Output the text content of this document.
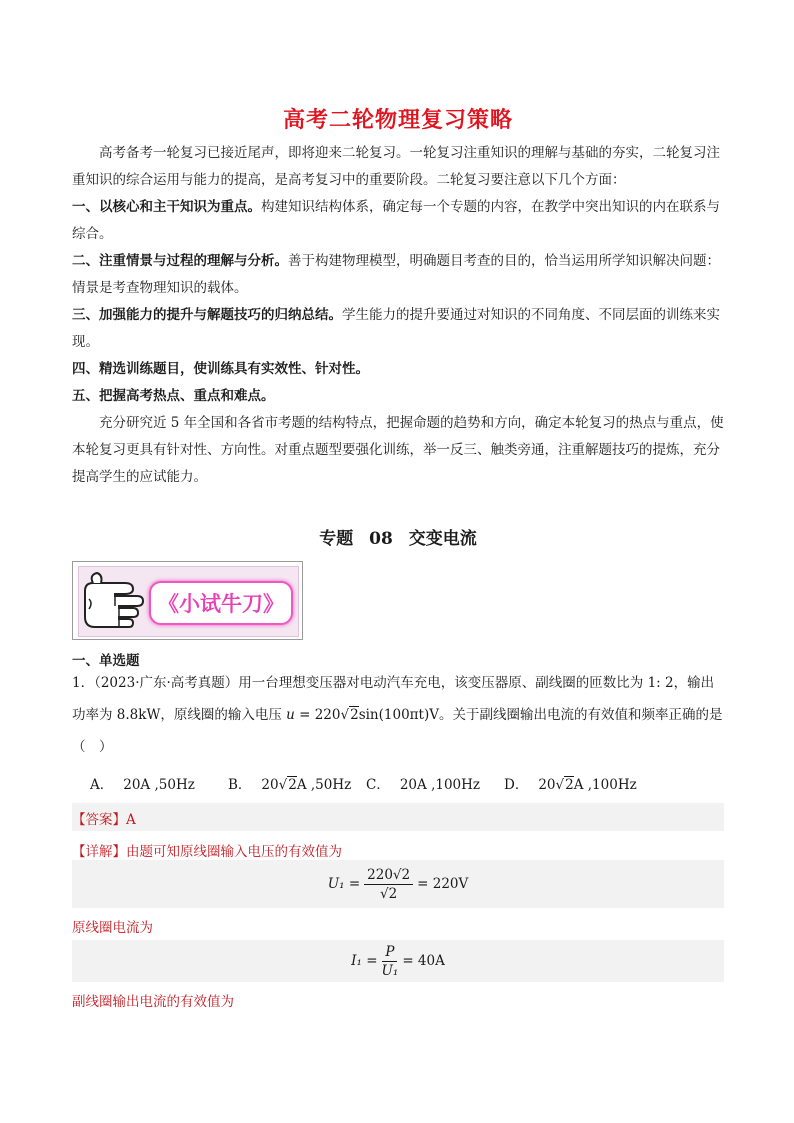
高考二轮物理复习策略

高考备考一轮复习已接近尾声，即将迎来二轮复习。一轮复习注重知识的理解与基础的夯实，二轮复习注重知识的综合运用与能力的提高，是高考复习中的重要阶段。二轮复习要注意以下几个方面：

一、以核心和主干知识为重点。构建知识结构体系，确定每一个专题的内容，在教学中突出知识的内在联系与综合。

二、注重情景与过程的理解与分析。善于构建物理模型，明确题目考查的目的，恰当运用所学知识解决问题：情景是考查物理知识的载体。

三、加强能力的提升与解题技巧的归纳总结。学生能力的提升要通过对知识的不同角度、不同层面的训练来实现。

四、精选训练题目，使训练具有实效性、针对性。

五、把握高考热点、重点和难点。

充分研究近 5 年全国和各省市考题的结构特点，把握命题的趋势和方向，确定本轮复习的热点与重点，使本轮复习更具有针对性、方向性。对重点题型要强化训练，举一反三、触类旁通，注重解题技巧的提炼，充分提高学生的应试能力。

专题 08 交变电流
《小试牛刀》
一、单选题

1．（2023·广东·高考真题）用一台理想变压器对电动汽车充电，该变压器原、副线圈的匝数比为 1: 2，输出

功率为 8.8kW，原线圈的输入电压 u = 220√2sin(100πt)V。关于副线圈输出电流的有效值和频率正确的是

（　）

A． 20A ,50Hz	B． 20√2A ,50Hz	C． 20A ,100Hz	D． 20√2A ,100Hz
【答案】A
【详解】由题可知原线圈输入电压的有效值为
$U_1 = \frac{220√2}{√2} = 220V$
原线圈电流为
$I_1 = \frac{P}{\text{U₁}} = 40A$
副线圈输出电流的有效值为
